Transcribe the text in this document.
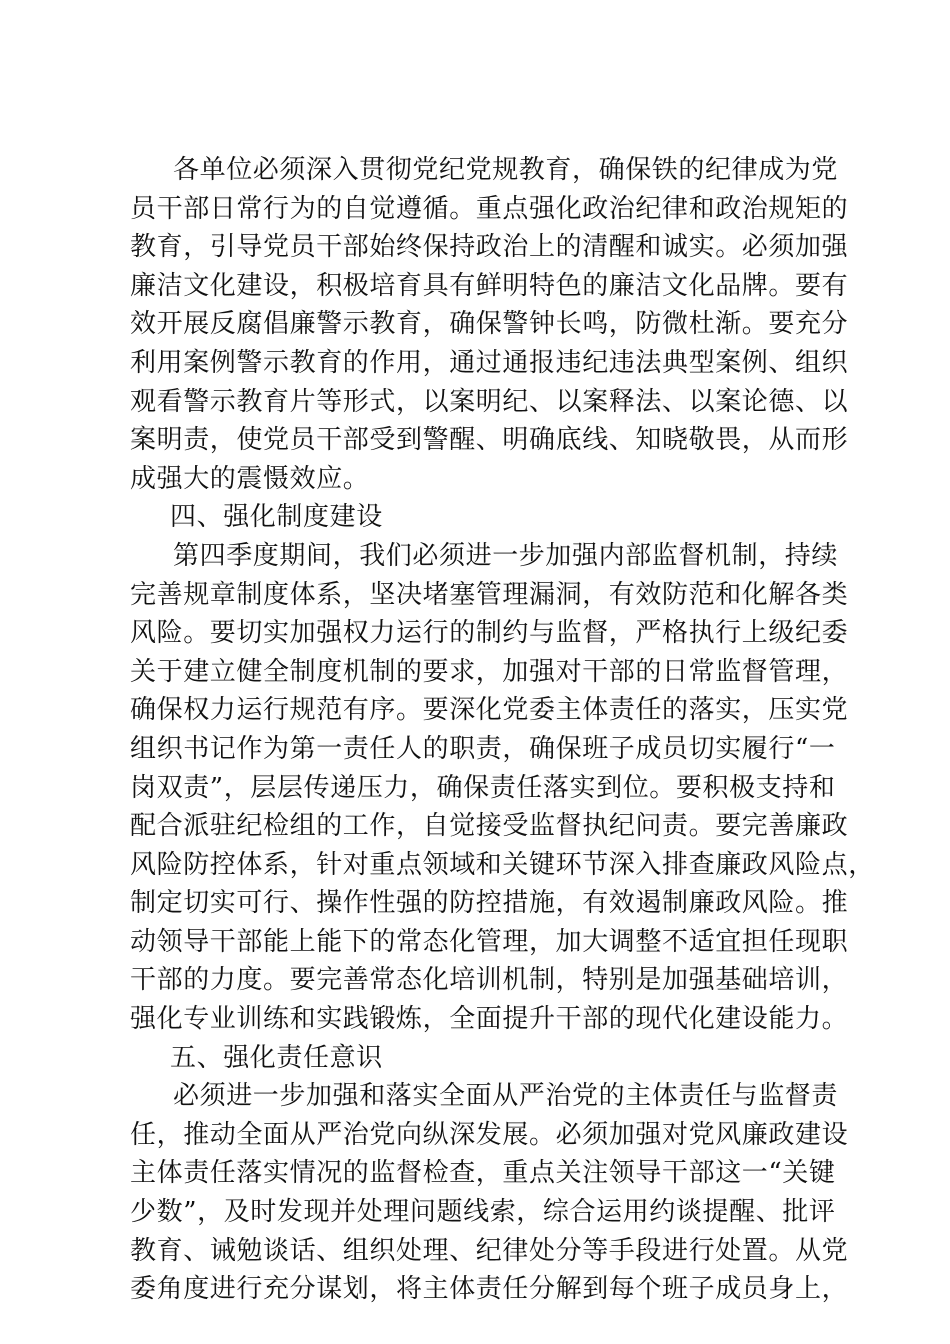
各单位必须深入贯彻党纪党规教育，确保铁的纪律成为党
员干部日常行为的自觉遵循。重点强化政治纪律和政治规矩的
教育，引导党员干部始终保持政治上的清醒和诚实。必须加强
廉洁文化建设，积极培育具有鲜明特色的廉洁文化品牌。要有
效开展反腐倡廉警示教育，确保警钟长鸣，防微杜渐。要充分
利用案例警示教育的作用，通过通报违纪违法典型案例、组织
观看警示教育片等形式，以案明纪、以案释法、以案论德、以
案明责，使党员干部受到警醒、明确底线、知晓敬畏，从而形
成强大的震慑效应。
四、强化制度建设
第四季度期间，我们必须进一步加强内部监督机制，持续
完善规章制度体系，坚决堵塞管理漏洞，有效防范和化解各类
风险。要切实加强权力运行的制约与监督，严格执行上级纪委
关于建立健全制度机制的要求，加强对干部的日常监督管理，
确保权力运行规范有序。要深化党委主体责任的落实，压实党
组织书记作为第一责任人的职责，确保班子成员切实履行“一
岗双责”，层层传递压力，确保责任落实到位。要积极支持和
配合派驻纪检组的工作，自觉接受监督执纪问责。要完善廉政
风险防控体系，针对重点领域和关键环节深入排查廉政风险点，
制定切实可行、操作性强的防控措施，有效遏制廉政风险。推
动领导干部能上能下的常态化管理，加大调整不适宜担任现职
干部的力度。要完善常态化培训机制，特别是加强基础培训，
强化专业训练和实践锻炼，全面提升干部的现代化建设能力。
五、强化责任意识
必须进一步加强和落实全面从严治党的主体责任与监督责
任，推动全面从严治党向纵深发展。必须加强对党风廉政建设
主体责任落实情况的监督检查，重点关注领导干部这一“关键
少数”，及时发现并处理问题线索，综合运用约谈提醒、批评
教育、诫勉谈话、组织处理、纪律处分等手段进行处置。从党
委角度进行充分谋划，将主体责任分解到每个班子成员身上，
